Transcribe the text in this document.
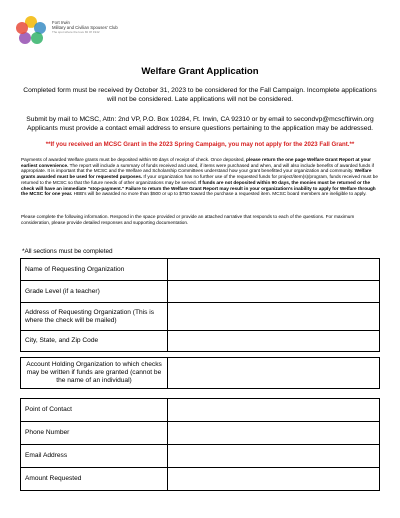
Fort Irwin
Military and Civilian Spouses' Club
The spot where the love Mi Of 1942
Welfare Grant Application
Completed form must be received by October 31, 2023 to be considered for the Fall Campaign. Incomplete applications will not be considered. Late applications will not be considered.
Submit by mail to MCSC, Attn: 2nd VP, P.O. Box 10284, Ft. Irwin, CA 92310 or by email to secondvp@mcscftirwin.org Applicants must provide a contact email address to ensure questions pertaining to the application may be addressed.
**If you received an MCSC Grant in the 2023 Spring Campaign, you may not apply for the 2023 Fall Grant.**
Payments of awarded Welfare grants must be deposited within 90 days of receipt of check. Once deposited, please return the one page Welfare Grant Report at your earliest convenience. The report will include a summary of funds received and used, if items were purchased and when, and will also include benefits of awarded funds if appropriate. It is important that the MCSC and the Welfare and Scholarship Committees understand how your grant benefitted your organization and community. Welfare grants awarded must be used for requested purposes. If your organization has no further use of the requested funds for project/item(s)/program, funds received must be returned to the MCSC so that the future needs of other organizations may be served. If funds are not deposited within 90 days, the monies must be returned or the check will have an immediate "stop-payment." Failure to return the Welfare Grant Report may result in your organization's inability to apply for Welfare through the MCSC for one year. HBB's will be awarded no more than $500 or up to $750 toward the purchase a requested item. MCSC board members are ineligible to apply.
Please complete the following information. Respond in the space provided or provide an attached narrative that responds to each of the questions. For maximum consideration, please provide detailed responses and supporting documentation.
*All sections must be completed
Name of Requesting Organization	
Grade Level (if a teacher)	
Address of Requesting Organization (This is where the check will be mailed)	
City, State, and Zip Code	
Account Holding Organization to which checks may be written if funds are granted (cannot be the name of an individual)	
Point of Contact	
Phone Number	
Email Address	
Amount Requested	
